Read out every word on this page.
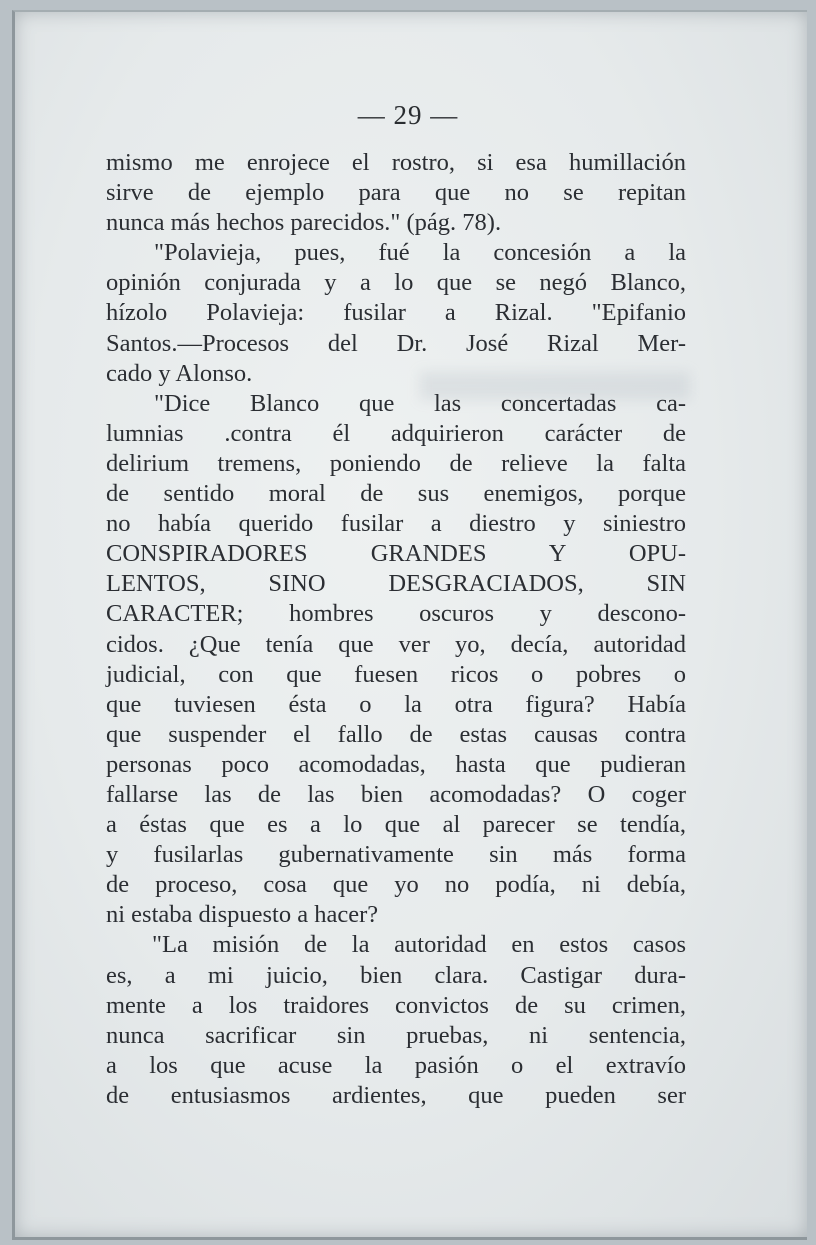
— 29 —
mismo me enrojece el rostro, si esa humillación
sirve de ejemplo para que no se repitan
nunca más hechos parecidos." (pág. 78).
"Polavieja, pues, fué la concesión a la
opinión conjurada y a lo que se negó Blanco,
hízolo Polavieja: fusilar a Rizal. "Epifanio
Santos.—Procesos del Dr. José Rizal Mer-
cado y Alonso.
"Dice Blanco que las concertadas ca-
lumnias .contra él adquirieron carácter de
delirium tremens, poniendo de relieve la falta
de sentido moral de sus enemigos, porque
no había querido fusilar a diestro y siniestro
CONSPIRADORES GRANDES Y OPU-
LENTOS, SINO DESGRACIADOS, SIN
CARACTER; hombres oscuros y descono-
cidos. ¿Que tenía que ver yo, decía, autoridad
judicial, con que fuesen ricos o pobres o
que tuviesen ésta o la otra figura? Había
que suspender el fallo de estas causas contra
personas poco acomodadas, hasta que pudieran
fallarse las de las bien acomodadas? O coger
a éstas que es a lo que al parecer se tendía,
y fusilarlas gubernativamente sin más forma
de proceso, cosa que yo no podía, ni debía,
ni estaba dispuesto a hacer?
"La misión de la autoridad en estos casos
es, a mi juicio, bien clara. Castigar dura-
mente a los traidores convictos de su crimen,
nunca sacrificar sin pruebas, ni sentencia,
a los que acuse la pasión o el extravío
de entusiasmos ardientes, que pueden ser
